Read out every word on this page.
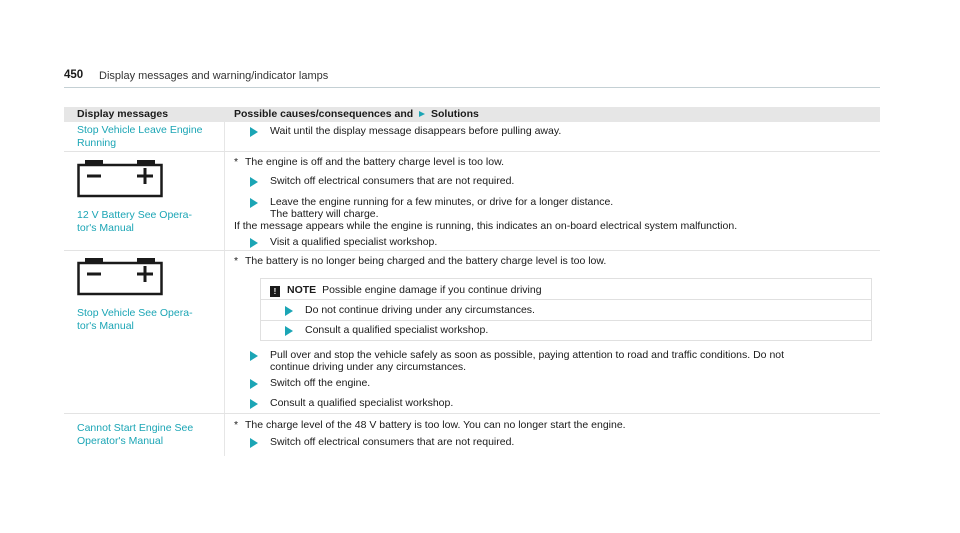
450 Display messages and warning/indicator lamps
Display messages	Possible causes/consequences and Solutions
Stop Vehicle Leave Engine
Running
Wait until the display message disappears before pulling away.
12 V Battery See Opera-
tor's Manual
* The engine is off and the battery charge level is too low.
Switch off electrical consumers that are not required.
Leave the engine running for a few minutes, or drive for a longer distance.
The battery will charge.
If the message appears while the engine is running, this indicates an on-board electrical system malfunction.
Visit a qualified specialist workshop.
Stop Vehicle See Opera-
tor's Manual
* The battery is no longer being charged and the battery charge level is too low.
!	NOTE Possible engine damage if you continue driving
Do not continue driving under any circumstances.
Consult a qualified specialist workshop.
Pull over and stop the vehicle safely as soon as possible, paying attention to road and traffic conditions. Do not
continue driving under any circumstances.
Switch off the engine.
Consult a qualified specialist workshop.
Cannot Start Engine See
Operator's Manual
* The charge level of the 48 V battery is too low. You can no longer start the engine.
Switch off electrical consumers that are not required.
